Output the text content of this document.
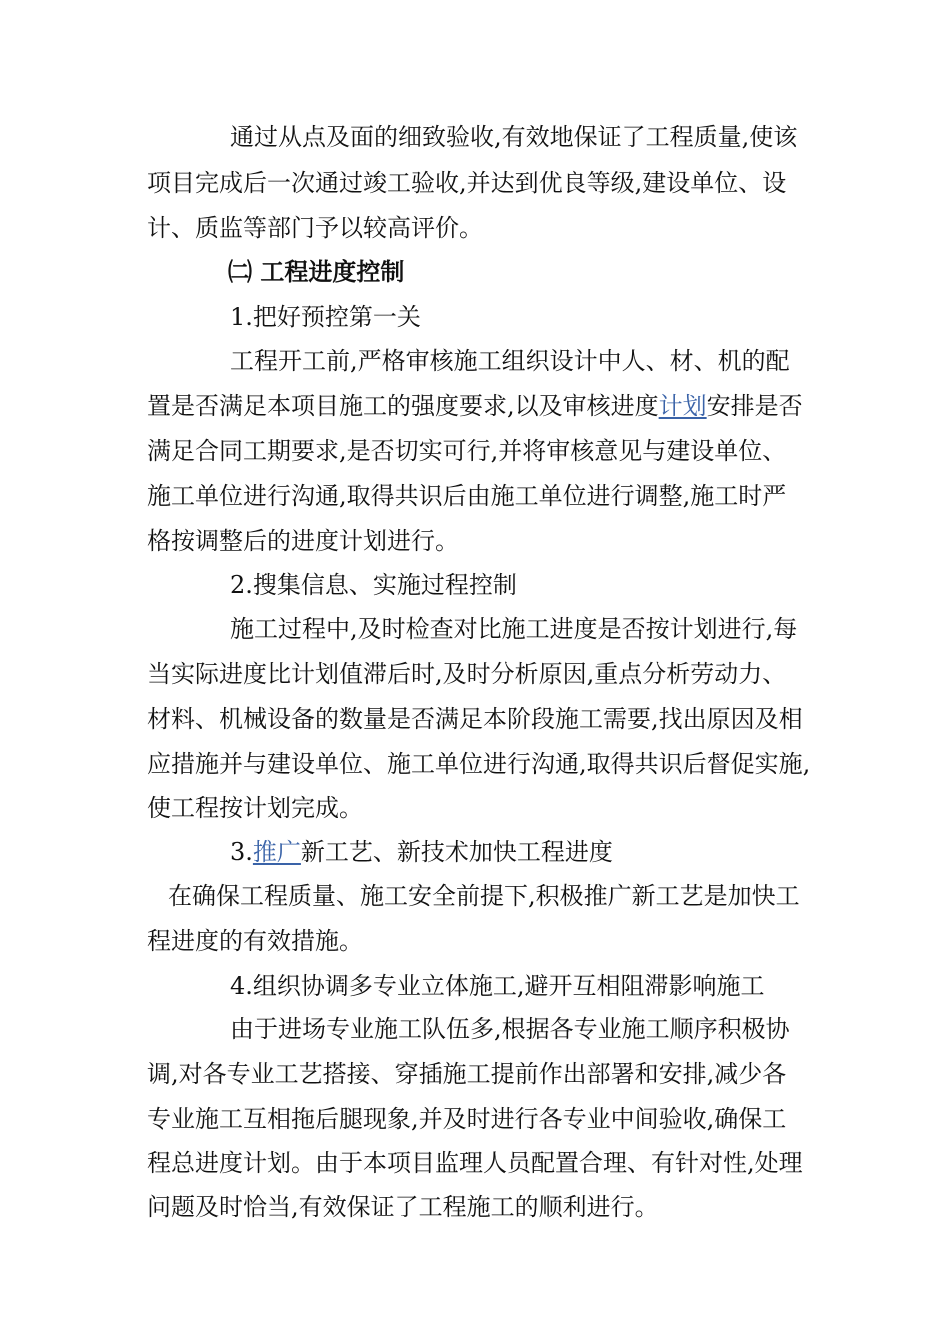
通过从点及面的细致验收,有效地保证了工程质量,使该
项目完成后一次通过竣工验收,并达到优良等级,建设单位、设
计、质监等部门予以较高评价。
㈡ 工程进度控制
1.把好预控第一关
工程开工前,严格审核施工组织设计中人、材、机的配
置是否满足本项目施工的强度要求,以及审核进度计划安排是否
满足合同工期要求,是否切实可行,并将审核意见与建设单位、
施工单位进行沟通,取得共识后由施工单位进行调整,施工时严
格按调整后的进度计划进行。
2.搜集信息、实施过程控制
施工过程中,及时检查对比施工进度是否按计划进行,每
当实际进度比计划值滞后时,及时分析原因,重点分析劳动力、
材料、机械设备的数量是否满足本阶段施工需要,找出原因及相
应措施并与建设单位、施工单位进行沟通,取得共识后督促实施,
使工程按计划完成。
3.推广新工艺、新技术加快工程进度
在确保工程质量、施工安全前提下,积极推广新工艺是加快工
程进度的有效措施。
4.组织协调多专业立体施工,避开互相阻滞影响施工
由于进场专业施工队伍多,根据各专业施工顺序积极协
调,对各专业工艺搭接、穿插施工提前作出部署和安排,减少各
专业施工互相拖后腿现象,并及时进行各专业中间验收,确保工
程总进度计划。由于本项目监理人员配置合理、有针对性,处理
问题及时恰当,有效保证了工程施工的顺利进行。
